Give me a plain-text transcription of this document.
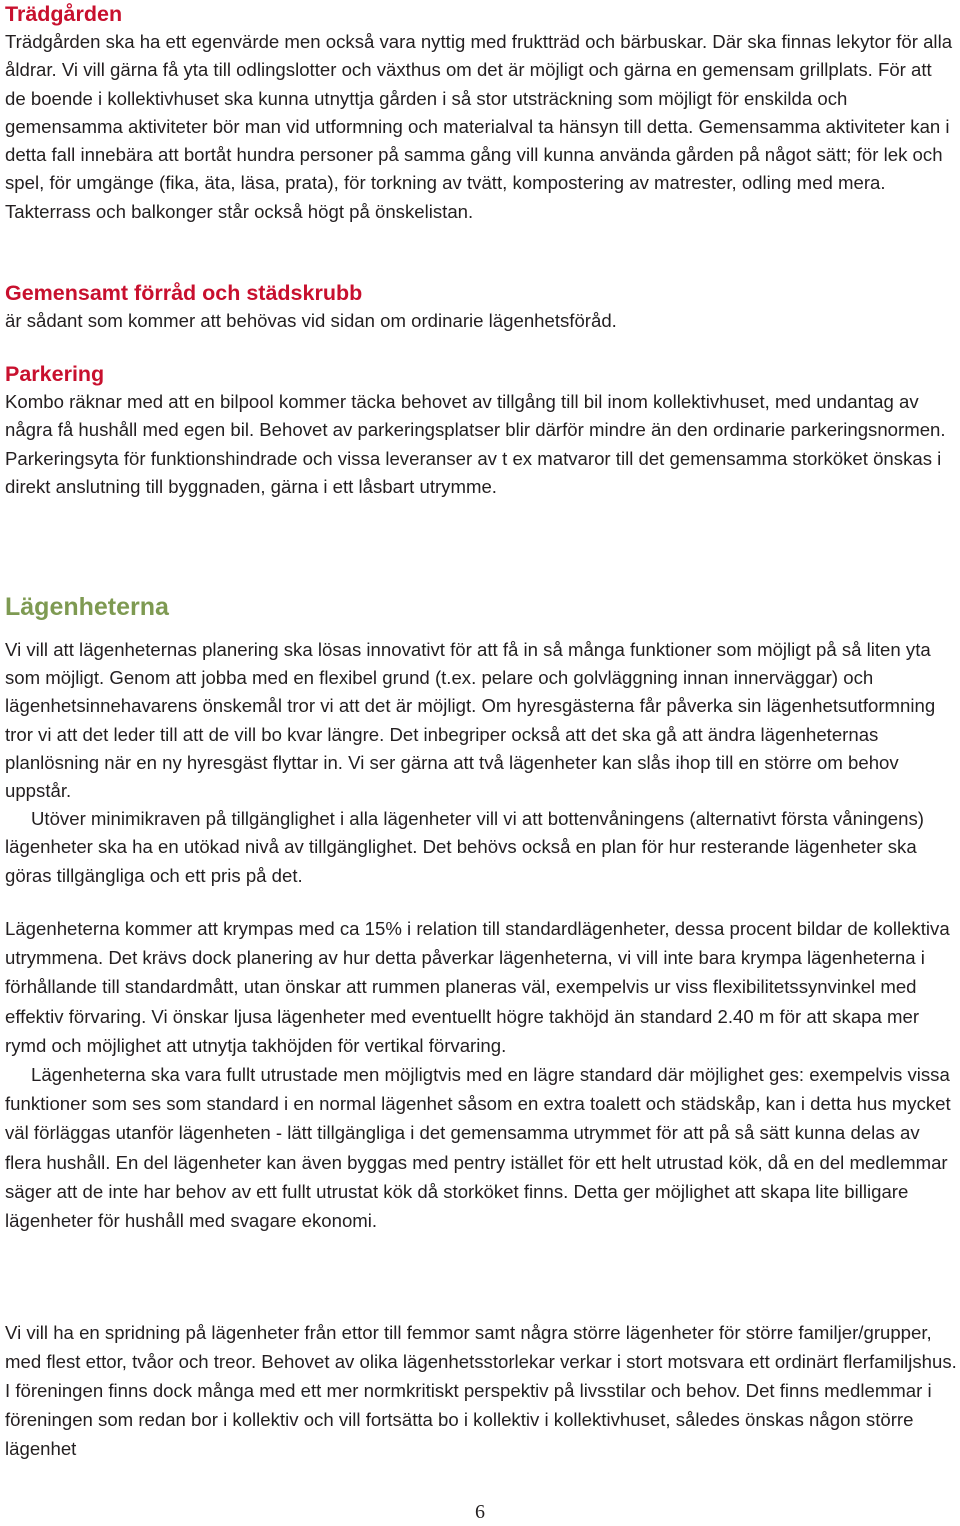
Trädgården

Trädgården ska ha ett egenvärde men också vara nyttig med fruktträd och bärbuskar. Där ska finnas lekytor för alla åldrar. Vi vill gärna få yta till odlingslotter och växthus om det är möjligt och gärna en gemensam grillplats. För att de boende i kollektivhuset ska kunna utnyttja gården i så stor utsträckning som möjligt för enskilda och gemensamma aktiviteter bör man vid utformning och materialval ta hänsyn till detta. Gemensamma aktiviteter kan i detta fall innebära att bortåt hundra personer på samma gång vill kunna använda gården på något sätt; för lek och spel, för umgänge (fika, äta, läsa, prata), för torkning av tvätt, kompostering av matrester, odling med mera. Takterrass och balkonger står också högt på önskelistan.

Gemensamt förråd och städskrubb

är sådant som kommer att behövas vid sidan om ordinarie lägenhetsföråd.

Parkering

Kombo räknar med att en bilpool kommer täcka behovet av tillgång till bil inom kollektivhuset, med undantag av några få hushåll med egen bil. Behovet av parkeringsplatser blir därför mindre än den ordinarie parkeringsnormen. Parkeringsyta för funktionshindrade och vissa leveranser av t ex matvaror till det gemensamma storköket önskas i direkt anslutning till byggnaden, gärna i ett låsbart utrymme.

Lägenheterna

Vi vill att lägenheternas planering ska lösas innovativt för att få in så många funktioner som möjligt på så liten yta som möjligt. Genom att jobba med en flexibel grund (t.ex. pelare och golvläggning innan innerväggar) och lägenhetsinnehavarens önskemål tror vi att det är möjligt. Om hyresgästerna får påverka sin lägenhetsutformning tror vi att det leder till att de vill bo kvar längre. Det inbegriper också att det ska gå att ändra lägenheternas planlösning när en ny hyresgäst flyttar in. Vi ser gärna att två lägenheter kan slås ihop till en större om behov uppstår.

Utöver minimikraven på tillgänglighet i alla lägenheter vill vi att bottenvåningens (alternativt första våningens) lägenheter ska ha en utökad nivå av tillgänglighet. Det behövs också en plan för hur resterande lägenheter ska göras tillgängliga och ett pris på det.

Lägenheterna kommer att krympas med ca 15% i relation till standardlägenheter, dessa procent bildar de kollektiva utrymmena. Det krävs dock planering av hur detta påverkar lägenheterna, vi vill inte bara krympa lägenheterna i förhållande till standardmått, utan önskar att rummen planeras väl, exempelvis ur viss flexibilitetssynvinkel med effektiv förvaring. Vi önskar ljusa lägenheter med eventuellt högre takhöjd än standard 2.40 m för att skapa mer rymd och möjlighet att utnytja takhöjden för vertikal förvaring.

Lägenheterna ska vara fullt utrustade men möjligtvis med en lägre standard där möjlighet ges: exempelvis vissa funktioner som ses som standard i en normal lägenhet såsom en extra toalett och städskåp, kan i detta hus mycket väl förläggas utanför lägenheten - lätt tillgängliga i det gemensamma utrymmet för att på så sätt kunna delas av flera hushåll. En del lägenheter kan även byggas med pentry istället för ett helt utrustad kök, då en del medlemmar säger att de inte har behov av ett fullt utrustat kök då storköket finns. Detta ger möjlighet att skapa lite billigare lägenheter för hushåll med svagare ekonomi.

Vi vill ha en spridning på lägenheter från ettor till femmor samt några större lägenheter för större familjer/grupper, med flest ettor, tvåor och treor. Behovet av olika lägenhetsstorlekar verkar i stort motsvara ett ordinärt flerfamiljshus. I föreningen finns dock många med ett mer normkritiskt perspektiv på livsstilar och behov. Det finns medlemmar i föreningen som redan bor i kollektiv och vill fortsätta bo i kollektiv i kollektivhuset, således önskas någon större lägenhet

6
